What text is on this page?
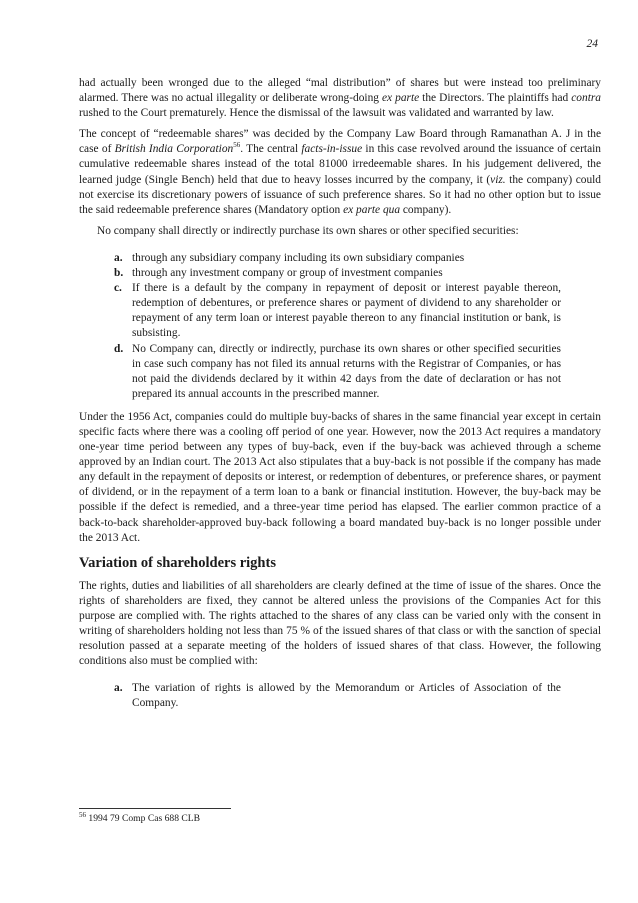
24

had actually been wronged due to the alleged “mal distribution” of shares but were instead too preliminary alarmed. There was no actual illegality or deliberate wrong-doing ex parte the Directors. The plaintiffs had contra rushed to the Court prematurely. Hence the dismissal of the lawsuit was validated and warranted by law.

The concept of “redeemable shares” was decided by the Company Law Board through Ramanathan A. J in the case of British India Corporation$^{56}$. The central facts-in-issue in this case revolved around the issuance of certain cumulative redeemable shares instead of the total 81000 irredeemable shares. In his judgement delivered, the learned judge (Single Bench) held that due to heavy losses incurred by the company, it (viz. the company) could not exercise its discretionary powers of issuance of such preference shares. So it had no other option but to issue the said redeemable preference shares (Mandatory option ex parte qua company).

No company shall directly or indirectly purchase its own shares or other specified securities:

a. through any subsidiary company including its own subsidiary companies
b. through any investment company or group of investment companies
c. If there is a default by the company in repayment of deposit or interest payable thereon, redemption of debentures, or preference shares or payment of dividend to any shareholder or repayment of any term loan or interest payable thereon to any financial institution or bank, is subsisting.
d. No Company can, directly or indirectly, purchase its own shares or other specified securities in case such company has not filed its annual returns with the Registrar of Companies, or has not paid the dividends declared by it within 42 days from the date of declaration or has not prepared its annual accounts in the prescribed manner.

Under the 1956 Act, companies could do multiple buy-backs of shares in the same financial year except in certain specific facts where there was a cooling off period of one year. However, now the 2013 Act requires a mandatory one-year time period between any types of buy-back, even if the buy-back was achieved through a scheme approved by an Indian court. The 2013 Act also stipulates that a buy-back is not possible if the company has made any default in the repayment of deposits or interest, or redemption of debentures, or preference shares, or payment of dividend, or in the repayment of a term loan to a bank or financial institution. However, the buy-back may be possible if the defect is remedied, and a three-year time period has elapsed. The earlier common practice of a back-to-back shareholder-approved buy-back following a board mandated buy-back is no longer possible under the 2013 Act.

Variation of shareholders rights

The rights, duties and liabilities of all shareholders are clearly defined at the time of issue of the shares. Once the rights of shareholders are fixed, they cannot be altered unless the provisions of the Companies Act for this purpose are complied with. The rights attached to the shares of any class can be varied only with the consent in writing of shareholders holding not less than 75 % of the issued shares of that class or with the sanction of special resolution passed at a separate meeting of the holders of issued shares of that class. However, the following conditions also must be complied with:

a. The variation of rights is allowed by the Memorandum or Articles of Association of the Company.
$^{56}$ 1994 79 Comp Cas 688 CLB
